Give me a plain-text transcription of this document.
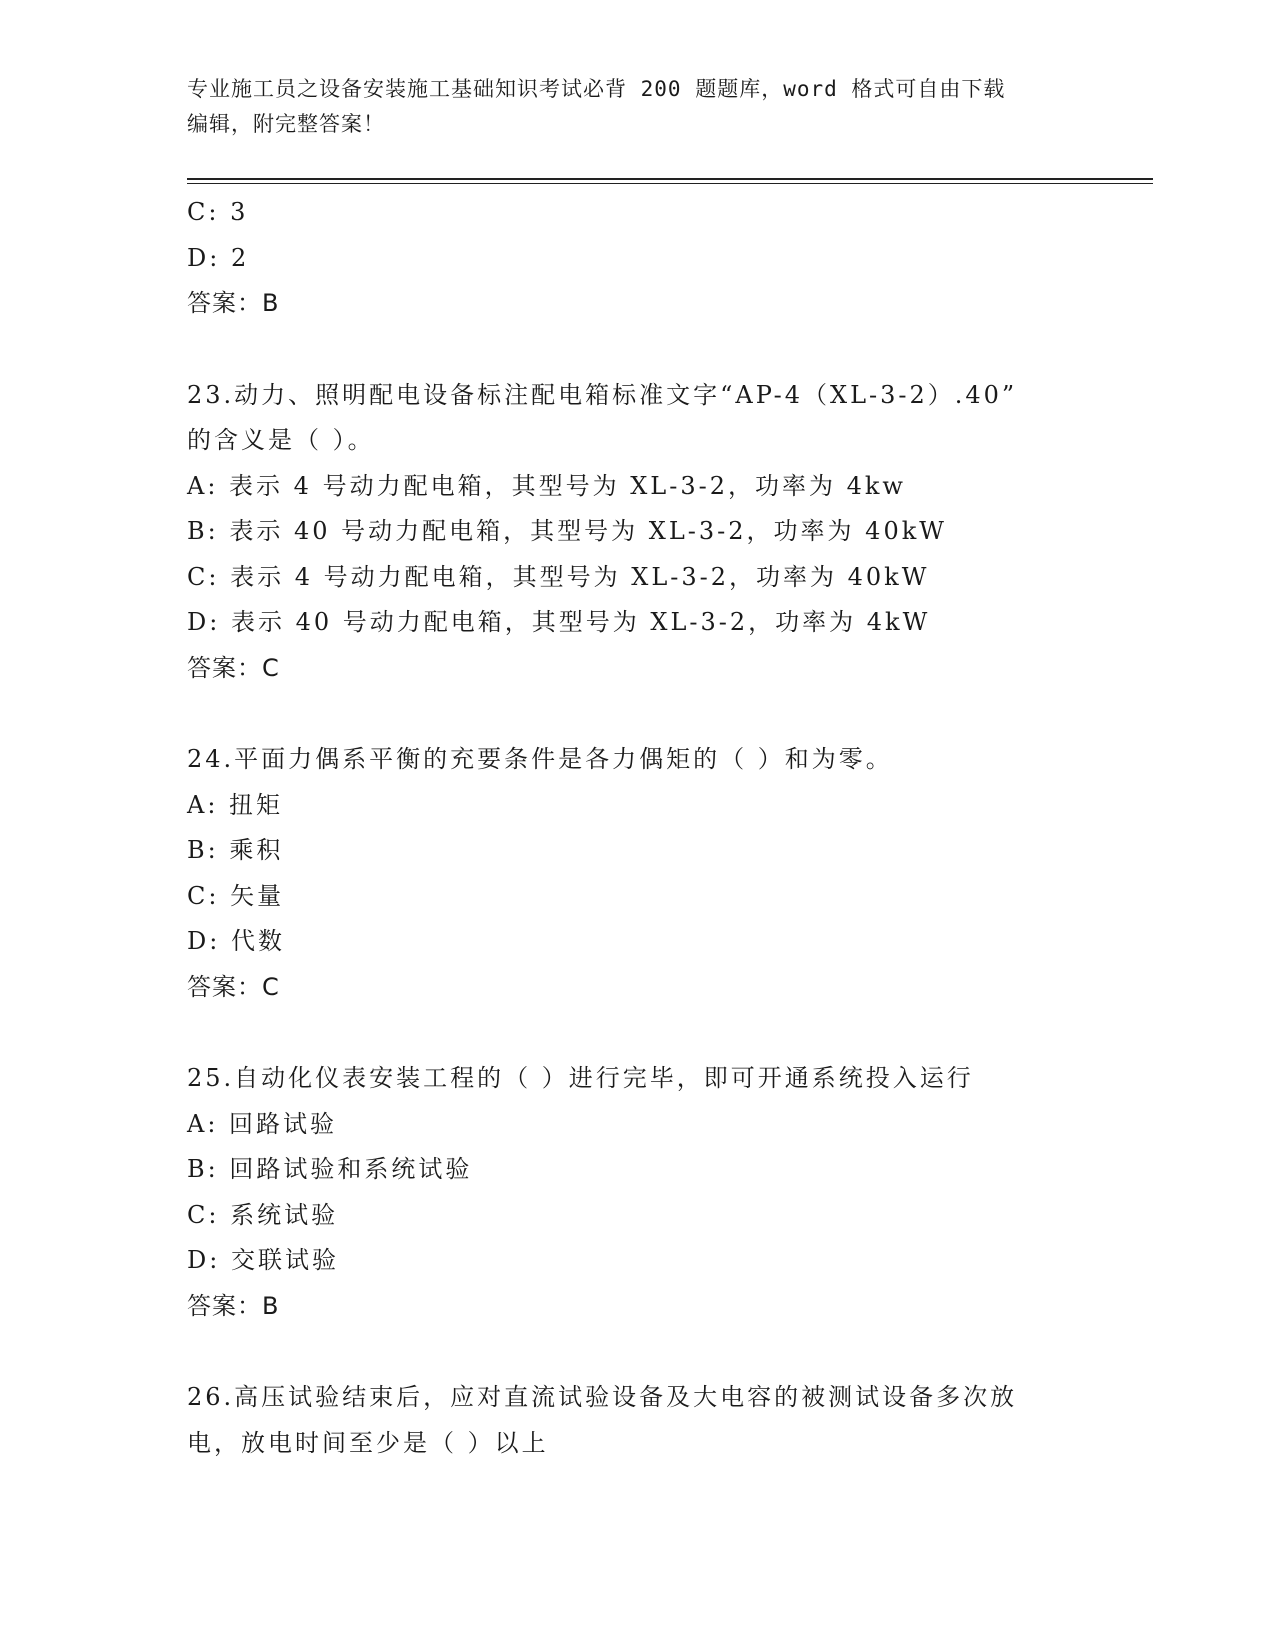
专业施工员之设备安装施工基础知识考试必背 200 题题库，word 格式可自由下载
编辑，附完整答案！
C: 3
D: 2
答案：B
23.动力、照明配电设备标注配电箱标准文字“AP-4（XL-3-2）.40”
的含义是（ ）。
A: 表示 4 号动力配电箱，其型号为 XL-3-2，功率为 4kw
B: 表示 40 号动力配电箱，其型号为 XL-3-2，功率为 40kW
C: 表示 4 号动力配电箱，其型号为 XL-3-2，功率为 40kW
D: 表示 40 号动力配电箱，其型号为 XL-3-2，功率为 4kW
答案：C
24.平面力偶系平衡的充要条件是各力偶矩的（ ）和为零。
A: 扭矩
B: 乘积
C: 矢量
D: 代数
答案：C
25.自动化仪表安装工程的（ ）进行完毕，即可开通系统投入运行
A: 回路试验
B: 回路试验和系统试验
C: 系统试验
D: 交联试验
答案：B
26.高压试验结束后，应对直流试验设备及大电容的被测试设备多次放
电，放电时间至少是（ ）以上
